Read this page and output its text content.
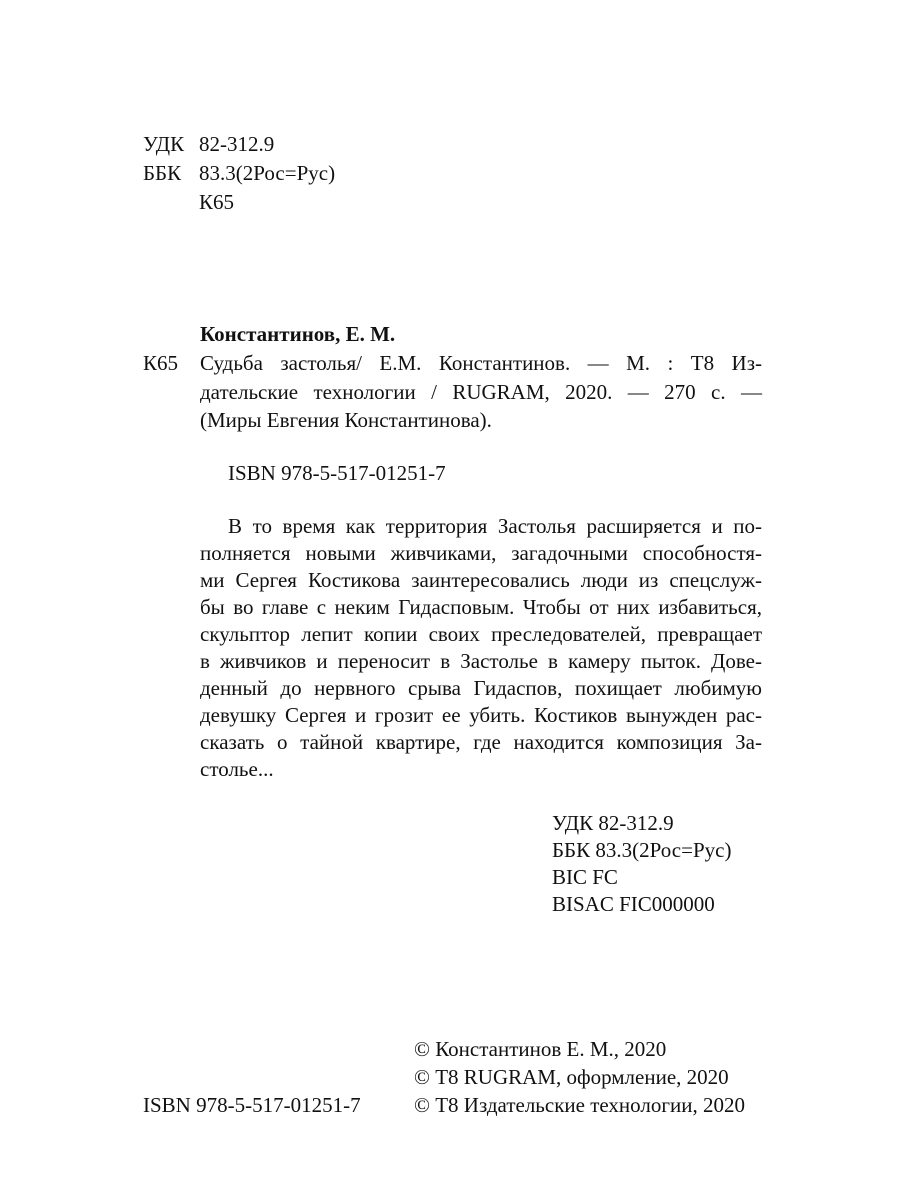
УДК 82-312.9
ББК 83.3(2Рос=Рус)
К65
Константинов, Е. М.
К65 Судьба застолья/ Е.М. Константинов. — М. : Т8 Из-
дательские технологии / RUGRAM, 2020. — 270 с. —
(Миры Евгения Константинова).
ISBN 978-5-517-01251-7
В то время как территория Застолья расширяется и по-
полняется новыми живчиками, загадочными способностя-
ми Сергея Костикова заинтересовались люди из спецслуж-
бы во главе с неким Гидасповым. Чтобы от них избавиться,
скульптор лепит копии своих преследователей, превращает
в живчиков и переносит в Застолье в камеру пыток. Дове-
денный до нервного срыва Гидаспов, похищает любимую
девушку Сергея и грозит ее убить. Костиков вынужден рас-
сказать о тайной квартире, где находится композиция За-
столье...
УДК 82-312.9
ББК 83.3(2Рос=Рус)
BIC FC
BISAC FIC000000
© Константинов Е. М., 2020
© Т8 RUGRAM, оформление, 2020
ISBN 978-5-517-01251-7	© Т8 Издательские технологии, 2020
